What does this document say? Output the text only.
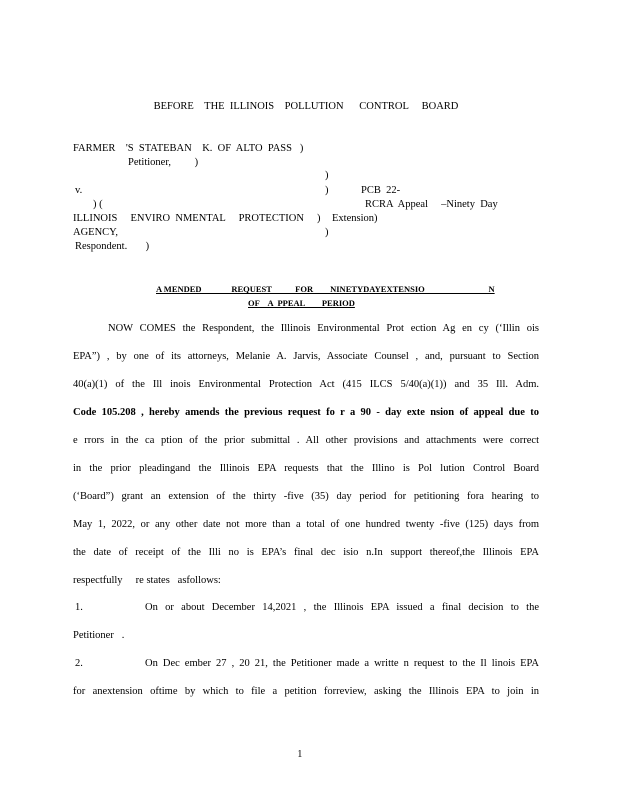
BEFORE    THE  ILLINOIS    POLLUTION      CONTROL     BOARD
FARMER    'S  STATEBAN    K.  OF  ALTO  PASS   )
Petitioner,         )
)
v.	)	PCB  22-
) (	RCRA  Appeal     –Ninety  Day
ILLINOIS     ENVIRO  NMENTAL     PROTECTION     ) Extension)
AGENCY,	)
Respondent.       )
A MENDED              REQUEST           FOR        NINETYDAYEXTENSIO                              N
OF    A  PPEAL        PERIOD
NOW COMES the Respondent, the Illinois Environmental Prot ection Ag en cy (‘Illin ois
EPA”) , by one of its attorneys, Melanie A. Jarvis, Associate Counsel , and, pursuant to Section
40(a)(1) of the Ill inois Environmental Protection Act (415 ILCS 5/40(a)(1)) and 35 Ill. Adm.
Code 105.208 , hereby amends the previous request fo r a 90 - day exte nsion of appeal due to
e rrors in the ca ption of the prior submittal . All other provisions and attachments were correct
in the prior pleadingand the Illinois EPA requests that the Illino is Pol lution Control Board
(‘Board”) grant an extension of the thirty -five (35) day period for petitioning fora hearing to
May 1, 2022, or any other date not more than a total of one hundred twenty -five (125) days from
the date of receipt of the Illi no is EPA’s final dec isio n.In support thereof,the Illinois EPA
respectfully     re states   asfollows:
1.	On or about December 14,2021 , the Illinois EPA issued a final decision to the
Petitioner   .
2.	On Dec ember 27 , 20 21, the Petitioner made a writte n request to the Il linois EPA
for anextension oftime by which to file a petition forreview, asking the Illinois EPA to join in
1
